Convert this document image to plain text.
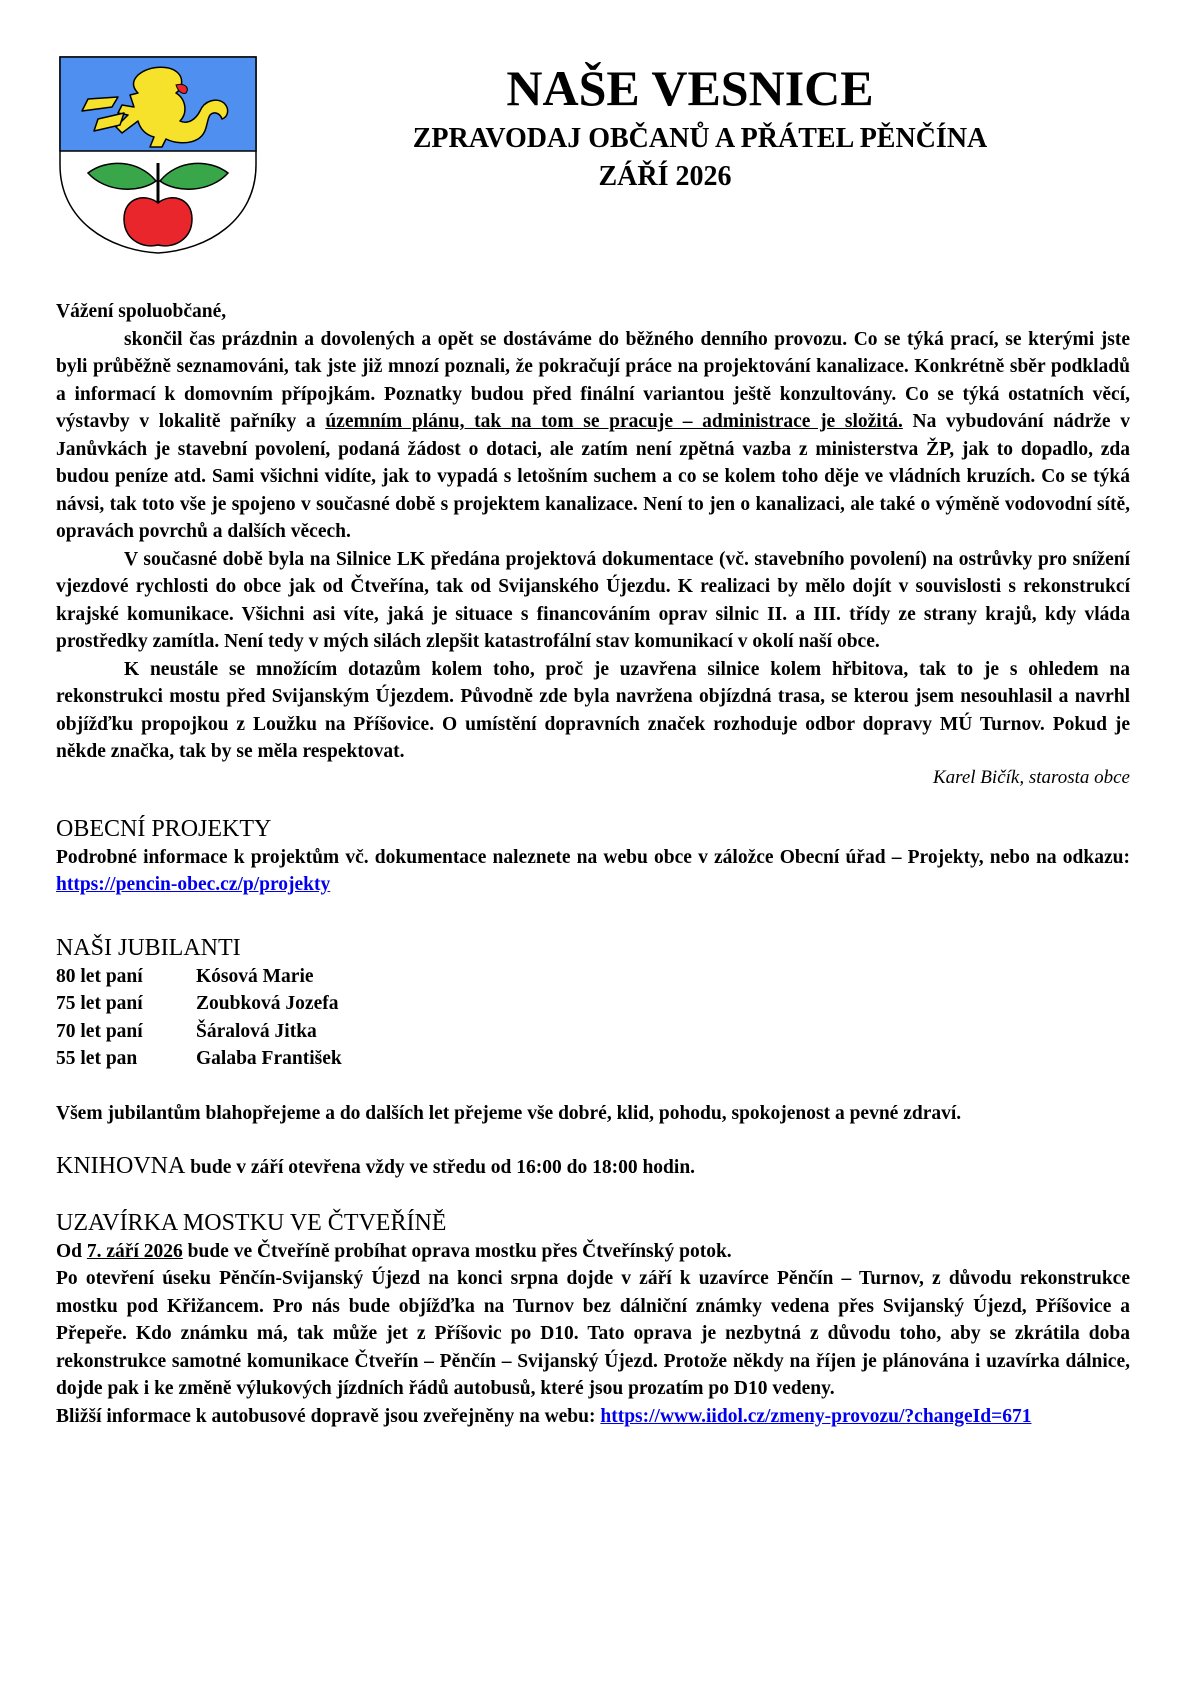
NAŠE VESNICE
ZPRAVODAJ OBČANŮ A PŘÁTEL PĚNČÍNA
ZÁŘÍ 2026

Vážení spoluobčané,

skončil čas prázdnin a dovolených a opět se dostáváme do běžného denního provozu. Co se týká prací, se kterými jste byli průběžně seznamováni, tak jste již mnozí poznali, že pokračují práce na projektování kanalizace. Konkrétně sběr podkladů a informací k domovním přípojkám. Poznatky budou před finální variantou ještě konzultovány. Co se týká ostatních věcí, výstavby v lokalitě pařníky a územním plánu, tak na tom se pracuje – administrace je složitá. Na vybudování nádrže v Janůvkách je stavební povolení, podaná žádost o dotaci, ale zatím není zpětná vazba z ministerstva ŽP, jak to dopadlo, zda budou peníze atd. Sami všichni vidíte, jak to vypadá s letošním suchem a co se kolem toho děje ve vládních kruzích. Co se týká návsi, tak toto vše je spojeno v současné době s projektem kanalizace. Není to jen o kanalizaci, ale také o výměně vodovodní sítě, opravách povrchů a dalších věcech.

V současné době byla na Silnice LK předána projektová dokumentace (vč. stavebního povolení) na ostrůvky pro snížení vjezdové rychlosti do obce jak od Čtveřína, tak od Svijanského Újezdu. K realizaci by mělo dojít v souvislosti s rekonstrukcí krajské komunikace. Všichni asi víte, jaká je situace s financováním oprav silnic II. a III. třídy ze strany krajů, kdy vláda prostředky zamítla. Není tedy v mých silách zlepšit katastrofální stav komunikací v okolí naší obce.

K neustále se množícím dotazům kolem toho, proč je uzavřena silnice kolem hřbitova, tak to je s ohledem na rekonstrukci mostu před Svijanským Újezdem. Původně zde byla navržena objízdná trasa, se kterou jsem nesouhlasil a navrhl objížďku propojkou z Loužku na Příšovice. O umístění dopravních značek rozhoduje odbor dopravy MÚ Turnov. Pokud je někde značka, tak by se měla respektovat.

Karel Bičík, starosta obce

OBECNÍ PROJEKTY

Podrobné informace k projektům vč. dokumentace naleznete na webu obce v záložce Obecní úřad – Projekty, nebo na odkazu: https://pencin-obec.cz/p/projekty

NAŠI JUBILANTI

80 let paní	Kósová Marie
75 let paní	Zoubková Jozefa
70 let paní	Šáralová Jitka
55 let pan	Galaba František

Všem jubilantům blahopřejeme a do dalších let přejeme vše dobré, klid, pohodu, spokojenost a pevné zdraví.

KNIHOVNA bude v září otevřena vždy ve středu od 16:00 do 18:00 hodin.

UZAVÍRKA MOSTKU VE ČTVEŘÍNĚ

Od 7. září 2026 bude ve Čtveříně probíhat oprava mostku přes Čtveřínský potok.

Po otevření úseku Pěnčín-Svijanský Újezd na konci srpna dojde v září k uzavírce Pěnčín – Turnov, z důvodu rekonstrukce mostku pod Křižancem. Pro nás bude objížďka na Turnov bez dálniční známky vedena přes Svijanský Újezd, Příšovice a Přepeře. Kdo známku má, tak může jet z Příšovic po D10. Tato oprava je nezbytná z důvodu toho, aby se zkrátila doba rekonstrukce samotné komunikace Čtveřín – Pěnčín – Svijanský Újezd. Protože někdy na říjen je plánována i uzavírka dálnice, dojde pak i ke změně výlukových jízdních řádů autobusů, které jsou prozatím po D10 vedeny.

Bližší informace k autobusové dopravě jsou zveřejněny na webu: https://www.iidol.cz/zmeny-provozu/?changeId=671
